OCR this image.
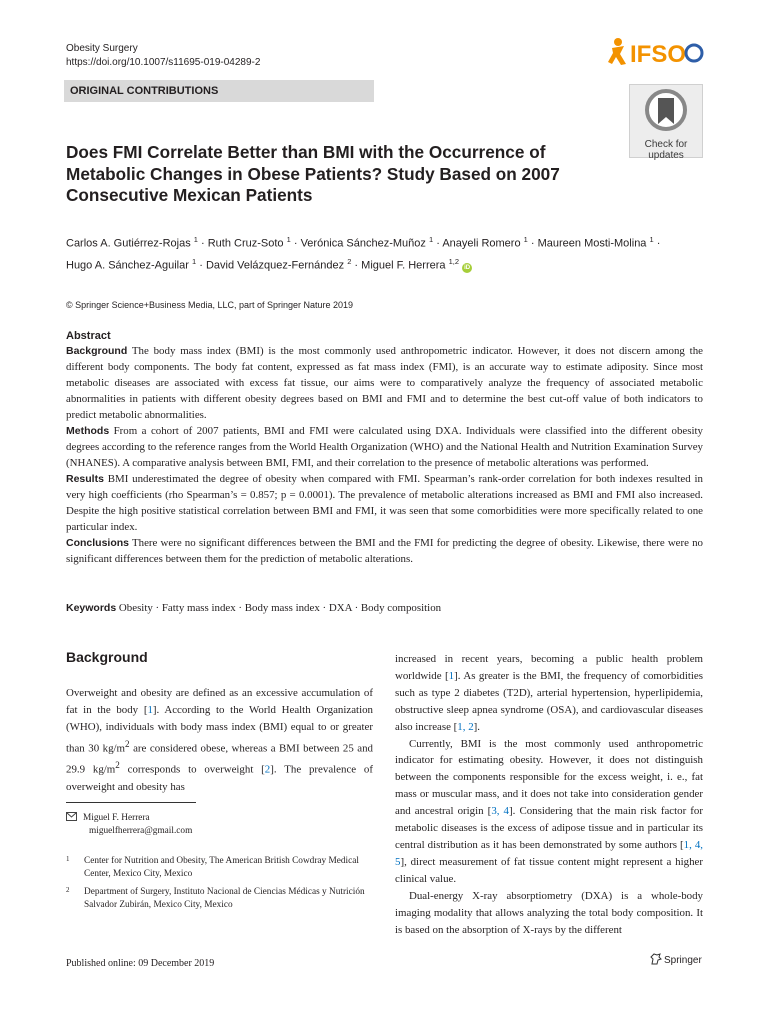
Obesity Surgery
https://doi.org/10.1007/s11695-019-04289-2	IFSO
ORIGINAL CONTRIBUTIONS
Check for updates
Does FMI Correlate Better than BMI with the Occurrence of Metabolic Changes in Obese Patients? Study Based on 2007 Consecutive Mexican Patients
Carlos A. Gutiérrez-Rojas $^1$ · Ruth Cruz-Soto $^1$ · Verónica Sánchez-Muñoz $^1$ · Anayeli Romero $^1$ · Maureen Mosti-Molina $^1$ ·
Hugo A. Sánchez-Aguilar $^1$ · David Velázquez-Fernández $^2$ · Miguel F. Herrera $^{1,2}$ iD
© Springer Science+Business Media, LLC, part of Springer Nature 2019
Abstract
Background The body mass index (BMI) is the most commonly used anthropometric indicator. However, it does not discern among the different body components. The body fat content, expressed as fat mass index (FMI), is an accurate way to estimate adiposity. Since most metabolic diseases are associated with excess fat tissue, our aims were to comparatively analyze the frequency of associated metabolic abnormalities in patients with different obesity degrees based on BMI and FMI and to determine the best cut-off value of both indicators to predict metabolic abnormalities.
Methods From a cohort of 2007 patients, BMI and FMI were calculated using DXA. Individuals were classified into the different obesity degrees according to the reference ranges from the World Health Organization (WHO) and the National Health and Nutrition Examination Survey (NHANES). A comparative analysis between BMI, FMI, and their correlation to the presence of metabolic alterations was performed.
Results BMI underestimated the degree of obesity when compared with FMI. Spearman’s rank-order correlation for both indexes resulted in very high coefficients (rho Spearman’s = 0.857; p = 0.0001). The prevalence of metabolic alterations increased as BMI and FMI also increased. Despite the high positive statistical correlation between BMI and FMI, it was seen that some comorbidities were more specifically related to one particular index.
Conclusions There were no significant differences between the BMI and the FMI for predicting the degree of obesity. Likewise, there were no significant differences between them for the prediction of metabolic alterations.
Keywords Obesity · Fatty mass index · Body mass index · DXA · Body composition
Background
Overweight and obesity are defined as an excessive accumulation of fat in the body [1]. According to the World Health Organization (WHO), individuals with body mass index (BMI) equal to or greater than 30 $kg/m^2$ are considered obese, whereas a BMI between 25 and 29.9 $kg/m^2$ corresponds to overweight [2]. The prevalence of overweight and obesity has

increased in recent years, becoming a public health problem worldwide [1]. As greater is the BMI, the frequency of comorbidities such as type 2 diabetes (T2D), arterial hypertension, hyperlipidemia, obstructive sleep apnea syndrome (OSA), and cardiovascular diseases also increase [1, 2].

Currently, BMI is the most commonly used anthropometric indicator for estimating obesity. However, it does not distinguish between the components responsible for the excess weight, i. e., fat mass or muscular mass, and it does not take into consideration gender and ancestral origin [3, 4]. Considering that the main risk factor for metabolic diseases is the excess of adipose tissue and in particular its central distribution as it has been demonstrated by some authors [1, 4, 5], direct measurement of fat tissue content might represent a higher clinical value.

Dual-energy X-ray absorptiometry (DXA) is a whole-body imaging modality that allows analyzing the total body composition. It is based on the absorption of X-rays by the different

Miguel F. Herrera
miguelfherrera@gmail.com
1	Center for Nutrition and Obesity, The American British Cowdray Medical Center, Mexico City, Mexico
2	Department of Surgery, Instituto Nacional de Ciencias Médicas y Nutrición Salvador Zubirán, Mexico City, Mexico
Published online: 09 December 2019	Springer
